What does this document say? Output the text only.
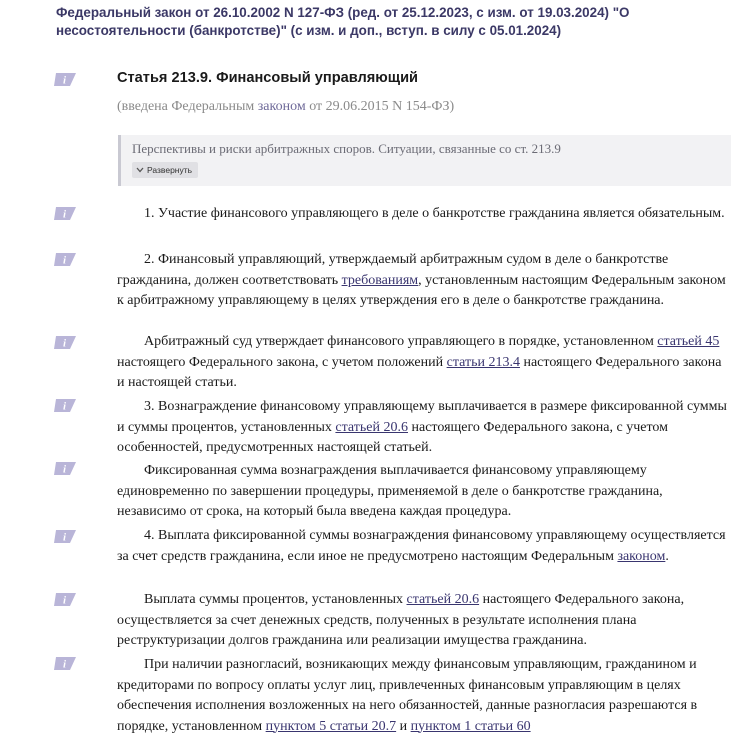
Федеральный закон от 26.10.2002 N 127-ФЗ (ред. от 25.12.2023, с изм. от 19.03.2024) "О несостоятельности (банкротстве)" (с изм. и доп., вступ. в силу с 05.01.2024)
i
i
i
i
i
i
i
i
i
Статья 213.9. Финансовый управляющий
(введена Федеральным законом от 29.06.2015 N 154-ФЗ)
Перспективы и риски арбитражных споров. Ситуации, связанные со ст. 213.9
Развернуть

1. Участие финансового управляющего в деле о банкротстве гражданина является обязательным.

2. Финансовый управляющий, утверждаемый арбитражным судом в деле о банкротстве гражданина, должен соответствовать требованиям, установленным настоящим Федеральным законом к арбитражному управляющему в целях утверждения его в деле о банкротстве гражданина.

Арбитражный суд утверждает финансового управляющего в порядке, установленном статьей 45 настоящего Федерального закона, с учетом положений статьи 213.4 настоящего Федерального закона и настоящей статьи.

3. Вознаграждение финансовому управляющему выплачивается в размере фиксированной суммы и суммы процентов, установленных статьей 20.6 настоящего Федерального закона, с учетом особенностей, предусмотренных настоящей статьей.

Фиксированная сумма вознаграждения выплачивается финансовому управляющему единовременно по завершении процедуры, применяемой в деле о банкротстве гражданина, независимо от срока, на который была введена каждая процедура.

4. Выплата фиксированной суммы вознаграждения финансовому управляющему осуществляется за счет средств гражданина, если иное не предусмотрено настоящим Федеральным законом.

Выплата суммы процентов, установленных статьей 20.6 настоящего Федерального закона, осуществляется за счет денежных средств, полученных в результате исполнения плана реструктуризации долгов гражданина или реализации имущества гражданина.

При наличии разногласий, возникающих между финансовым управляющим, гражданином и кредиторами по вопросу оплаты услуг лиц, привлеченных финансовым управляющим в целях обеспечения исполнения возложенных на него обязанностей, данные разногласия разрешаются в порядке, установленном пунктом 5 статьи 20.7 и пунктом 1 статьи 60
